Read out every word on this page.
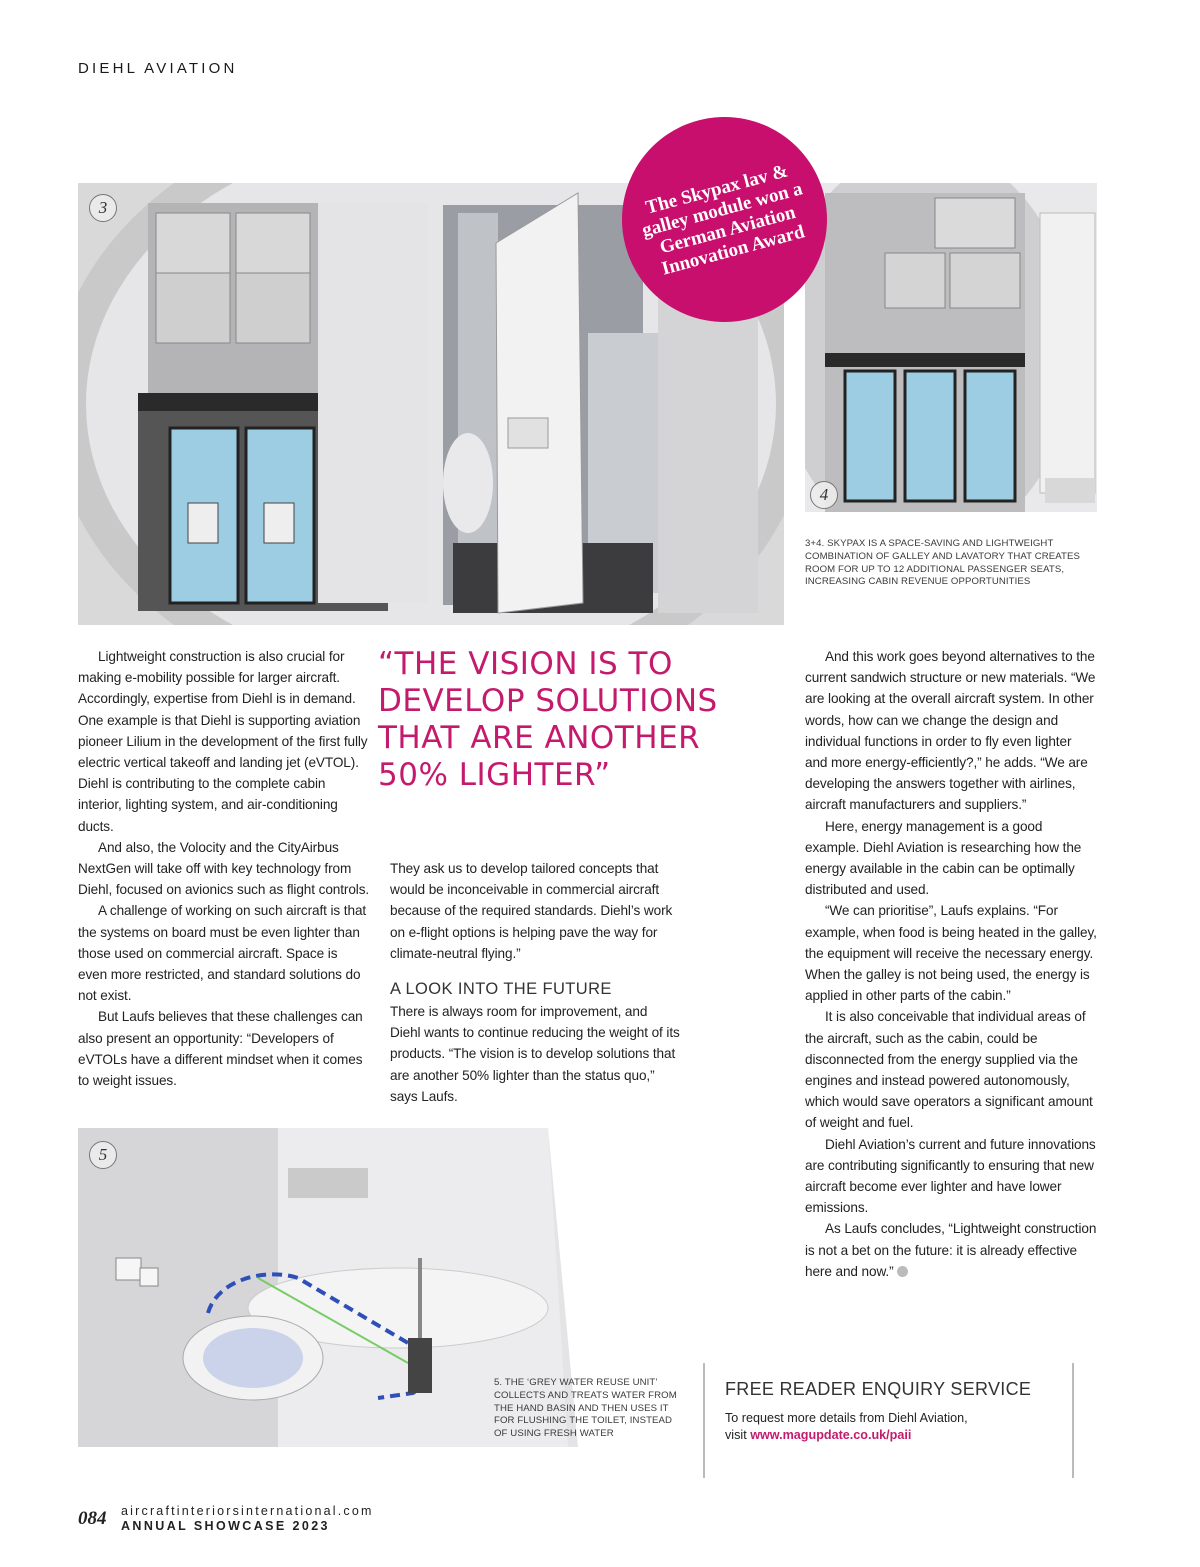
DIEHL AVIATION
3
4
The Skypax lav & galley module won a German Aviation Innovation Award
3+4. SKYPAX IS A SPACE-SAVING AND LIGHTWEIGHT COMBINATION OF GALLEY AND LAVATORY THAT CREATES ROOM FOR UP TO 12 ADDITIONAL PASSENGER SEATS, INCREASING CABIN REVENUE OPPORTUNITIES

Lightweight construction is also crucial for making e-mobility possible for larger aircraft. Accordingly, expertise from Diehl is in demand. One example is that Diehl is supporting aviation pioneer Lilium in the development of the first fully electric vertical takeoff and landing jet (eVTOL). Diehl is contributing to the complete cabin interior, lighting system, and air-conditioning ducts.

And also, the Volocity and the CityAirbus NextGen will take off with key technology from Diehl, focused on avionics such as flight controls.

A challenge of working on such aircraft is that the systems on board must be even lighter than those used on commercial aircraft. Space is even more restricted, and standard solutions do not exist.

But Laufs believes that these challenges can also present an opportunity: “Developers of eVTOLs have a different mindset when it comes to weight issues.

“THE VISION IS TO DEVELOP SOLUTIONS THAT ARE ANOTHER 50% LIGHTER”

They ask us to develop tailored concepts that would be inconceivable in commercial aircraft because of the required standards. Diehl’s work on e-flight options is helping pave the way for climate-neutral flying.”

A LOOK INTO THE FUTURE

There is always room for improvement, and Diehl wants to continue reducing the weight of its products. “The vision is to develop solutions that are another 50% lighter than the status quo,” says Laufs.

And this work goes beyond alternatives to the current sandwich structure or new materials. “We are looking at the overall aircraft system. In other words, how can we change the design and individual functions in order to fly even lighter and more energy-efficiently?,” he adds. “We are developing the answers together with airlines, aircraft manufacturers and suppliers.”

Here, energy management is a good example. Diehl Aviation is researching how the energy available in the cabin can be optimally distributed and used.

“We can prioritise”, Laufs explains. “For example, when food is being heated in the galley, the equipment will receive the necessary energy. When the galley is not being used, the energy is applied in other parts of the cabin.”

It is also conceivable that individual areas of the aircraft, such as the cabin, could be disconnected from the energy supplied via the engines and instead powered autonomously, which would save operators a significant amount of weight and fuel.

Diehl Aviation’s current and future innovations are contributing significantly to ensuring that new aircraft become ever lighter and have lower emissions.

As Laufs concludes, “Lightweight construction is not a bet on the future: it is already effective here and now.”

5
5. THE ‘GREY WATER REUSE UNIT’ COLLECTS AND TREATS WATER FROM THE HAND BASIN AND THEN USES IT FOR FLUSHING THE TOILET, INSTEAD OF USING FRESH WATER
FREE READER ENQUIRY SERVICE
To request more details from Diehl Aviation,
visit www.magupdate.co.uk/paii
084 aircraftinteriorsinternational.com
ANNUAL SHOWCASE 2023
